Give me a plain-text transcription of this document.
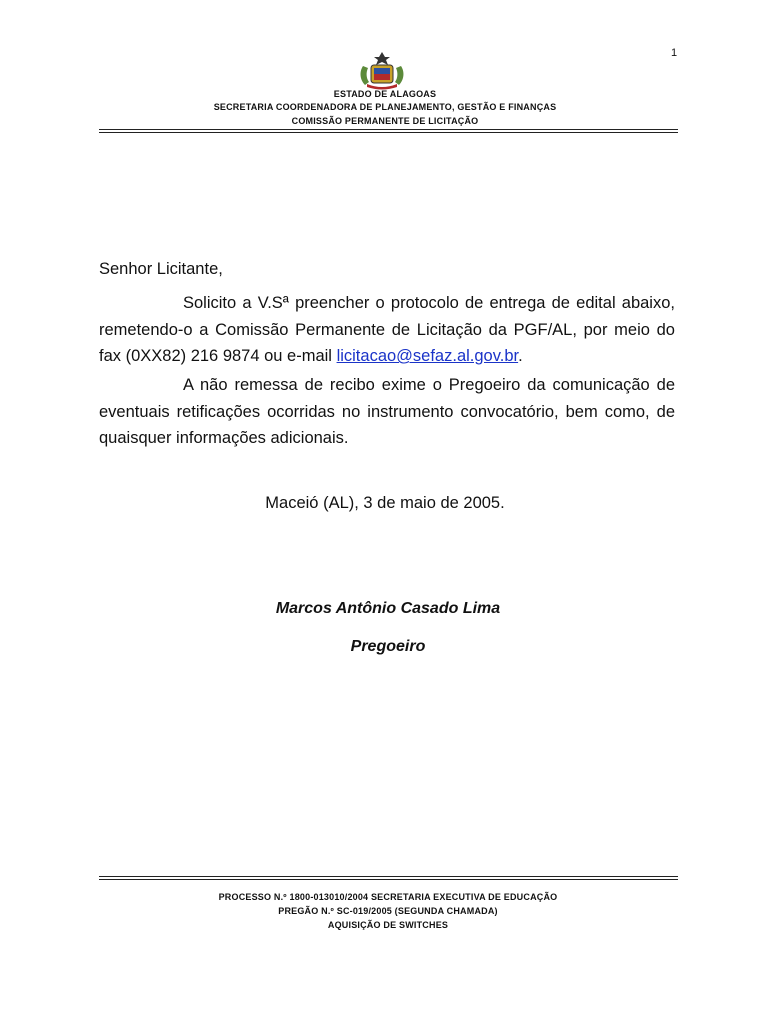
1
ESTADO DE ALAGOAS
SECRETARIA COORDENADORA DE PLANEJAMENTO, GESTÃO E FINANÇAS
COMISSÃO PERMANENTE DE LICITAÇÃO
Senhor Licitante,
Solicito a V.Sª preencher o protocolo de entrega de edital abaixo, remetendo-o a Comissão Permanente de Licitação da PGF/AL, por meio do fax (0XX82) 216 9874 ou e-mail licitacao@sefaz.al.gov.br.
A não remessa de recibo exime o Pregoeiro da comunicação de eventuais retificações ocorridas no instrumento convocatório, bem como, de quaisquer informações adicionais.
Maceió (AL), 3 de maio de 2005.
Marcos Antônio Casado Lima
Pregoeiro
PROCESSO N.º 1800-013010/2004 SECRETARIA EXECUTIVA DE EDUCAÇÃO
PREGÃO N.º SC-019/2005 (SEGUNDA CHAMADA)
AQUISIÇÃO DE SWITCHES
